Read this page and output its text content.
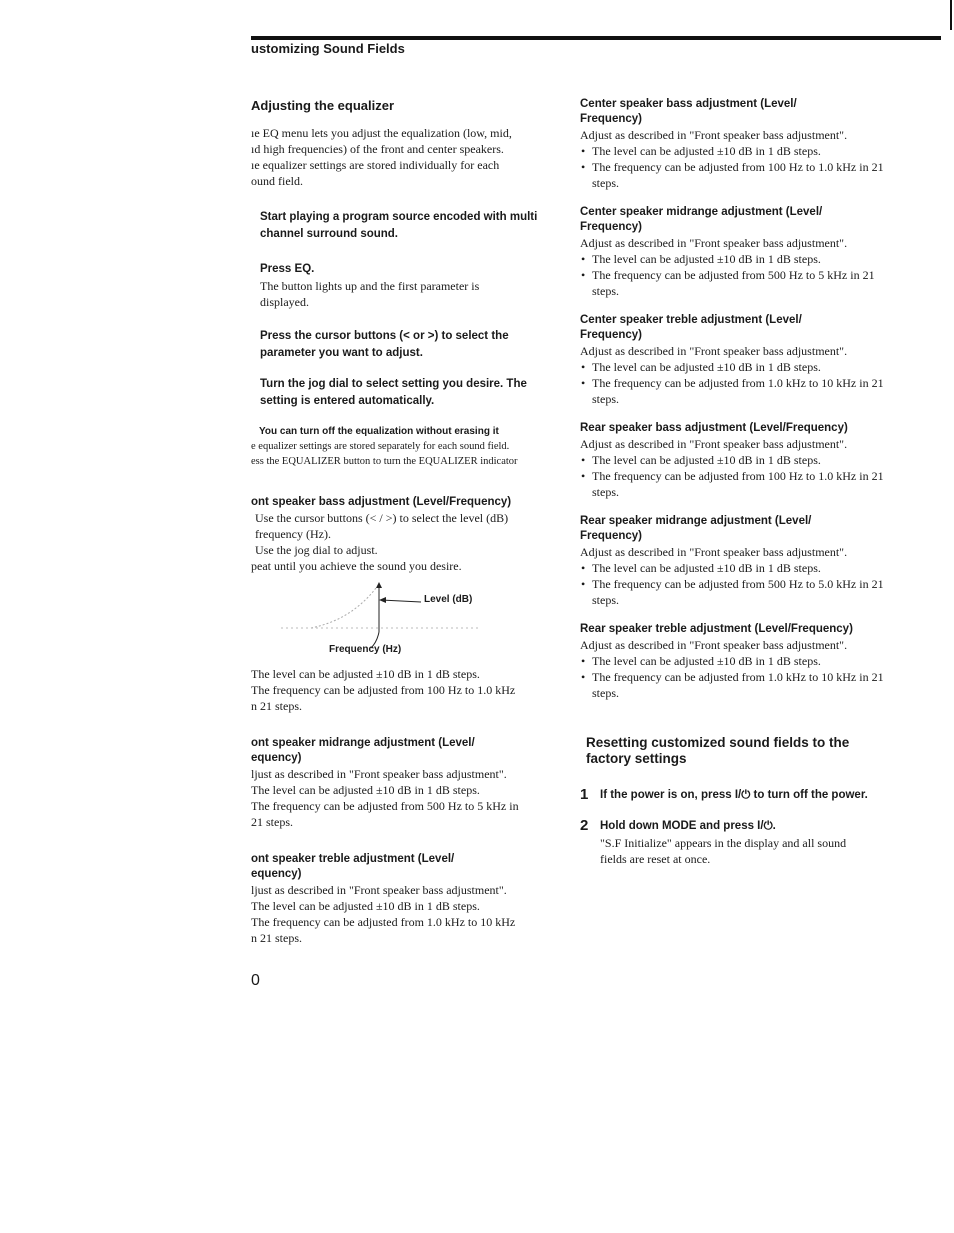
ustomizing Sound Fields
Adjusting the equalizer
ıe EQ menu lets you adjust the equalization (low, mid,
ıd high frequencies) of the front and center speakers.
ıe equalizer settings are stored individually for each
ound field.
Start playing a program source encoded with multi channel surround sound.
Press EQ.
The button lights up and the first parameter is
displayed.
Press the cursor buttons (< or >) to select the parameter you want to adjust.
Turn the jog dial to select setting you desire. The setting is entered automatically.
You can turn off the equalization without erasing it

e equalizer settings are stored separately for each sound field.

ess the EQUALIZER button to turn the EQUALIZER indicator

ont speaker bass adjustment (Level/Frequency)
Use the cursor buttons (< / >) to select the level (dB)
frequency (Hz).
Use the jog dial to adjust.
peat until you achieve the sound you desire.
Level (dB)
Frequency (Hz)
The level can be adjusted ±10 dB in 1 dB steps.
The frequency can be adjusted from 100 Hz to 1.0 kHz
n 21 steps.
ont speaker midrange adjustment (Level/
equency)
ljust as described in "Front speaker bass adjustment".
The level can be adjusted ±10 dB in 1 dB steps.
The frequency can be adjusted from 500 Hz to 5 kHz in
21 steps.
ont speaker treble adjustment (Level/
equency)
ljust as described in "Front speaker bass adjustment".
The level can be adjusted ±10 dB in 1 dB steps.
The frequency can be adjusted from 1.0 kHz to 10 kHz
n 21 steps.
0
Center speaker bass adjustment (Level/
Frequency)
Adjust as described in "Front speaker bass adjustment".
• The level can be adjusted ±10 dB in 1 dB steps.
• The frequency can be adjusted from 100 Hz to 1.0 kHz in 21 steps.
Center speaker midrange adjustment (Level/
Frequency)
Adjust as described in "Front speaker bass adjustment".
• The level can be adjusted ±10 dB in 1 dB steps.
• The frequency can be adjusted from 500 Hz to 5 kHz in 21 steps.
Center speaker treble adjustment (Level/
Frequency)
Adjust as described in "Front speaker bass adjustment".
• The level can be adjusted ±10 dB in 1 dB steps.
• The frequency can be adjusted from 1.0 kHz to 10 kHz in 21 steps.
Rear speaker bass adjustment (Level/Frequency)
Adjust as described in "Front speaker bass adjustment".
• The level can be adjusted ±10 dB in 1 dB steps.
• The frequency can be adjusted from 100 Hz to 1.0 kHz in 21 steps.
Rear speaker midrange adjustment (Level/
Frequency)
Adjust as described in "Front speaker bass adjustment".
• The level can be adjusted ±10 dB in 1 dB steps.
• The frequency can be adjusted from 500 Hz to 5.0 kHz in 21 steps.
Rear speaker treble adjustment (Level/Frequency)
Adjust as described in "Front speaker bass adjustment".
• The level can be adjusted ±10 dB in 1 dB steps.
• The frequency can be adjusted from 1.0 kHz to 10 kHz in 21 steps.
Resetting customized sound fields to the factory settings
1 If the power is on, press I/⏻ to turn off the power.
2 Hold down MODE and press I/⏻.
"S.F Initialize" appears in the display and all sound
fields are reset at once.
